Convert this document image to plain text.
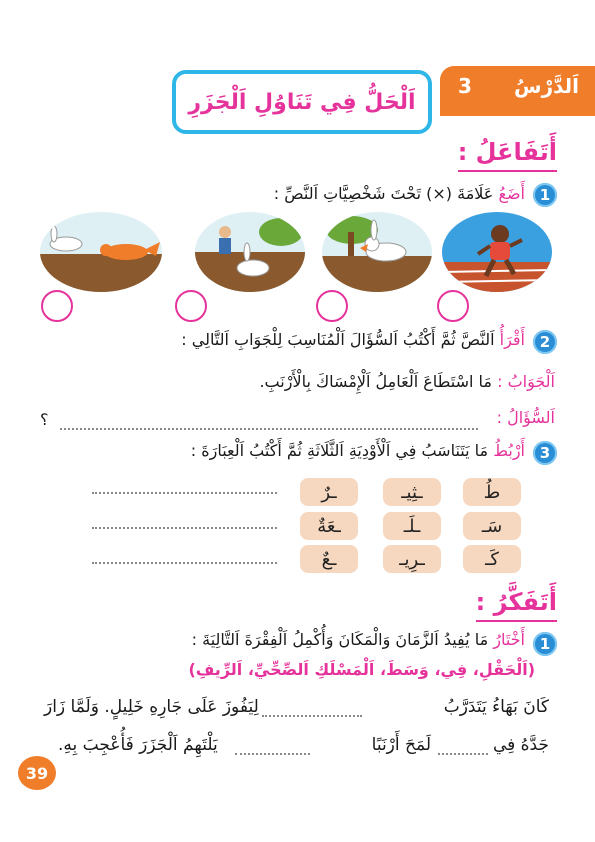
اَلدَّرْسُ
3
اَلْحَلُّ فِي تَنَاوُلِ اَلْجَزَرِ
أَتَفَاعَلُ :
1
أَضَعُ عَلَامَةَ (×) تَحْتَ شَخْصِيَّاتِ اَلنَّصِّ :
2
أَقْرَأُ اَلنَّصَّ ثُمَّ أَكْتُبُ اَلسُّؤَالَ اَلْمُنَاسِبَ لِلْجَوَابِ اَلتَّالِي :
اَلْجَوَابُ : مَا اسْتَطَاعَ اَلْعَامِلُ اَلْإِمْسَاكَ بِالْأَرْنَبِ.
اَلسُّؤَالُ :
؟
3
أَرْبُطُ مَا يَتَنَاسَبُ فِي اَلْأَوْدِيَةِ اَلثَّلَاثَةِ ثُمَّ أَكْتُبُ اَلْعِبَارَةَ :
طُ
سَـ
كَـ
ـثِيـ
ـلَـ
ـرِيـ
ـرٌ
ـعَةٌ
ـعٌ
أَتَفَكَّرُ :
1
أَخْتَارُ مَا يُفِيدُ اَلزَّمَانَ وَالْمَكَانَ وَأُكْمِلُ اَلْفِقْرَةَ اَلتَّالِيَةَ :
(اَلْحَقْلِ، فِي، وَسَطَ، اَلْمَسْلَكِ اَلصِّحِّيِّ، اَلرِّيفِ)
كَانَ بَهَاءُ يَتَدَرَّبُ
لِيَفُوزَ عَلَى جَارِهِ خَلِيلٍ. وَلَمَّا زَارَ
جَدَّهُ فِي
لَمَحَ أَرْنَبًا
يَلْتَهِمُ اَلْجَزَرَ فَأُعْجِبَ بِهِ.
39
